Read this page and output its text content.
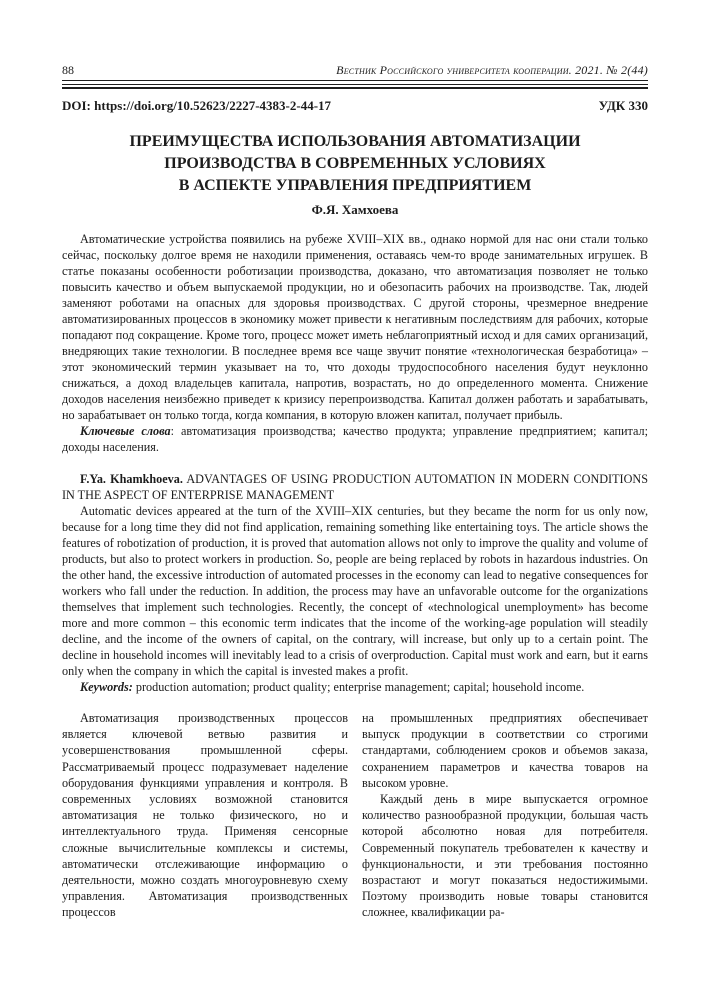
88	Вестник Российского университета кооперации. 2021. № 2(44)
DOI: https://doi.org/10.52623/2227-4383-2-44-17	УДК 330
ПРЕИМУЩЕСТВА ИСПОЛЬЗОВАНИЯ АВТОМАТИЗАЦИИ
ПРОИЗВОДСТВА В СОВРЕМЕННЫХ УСЛОВИЯХ
В АСПЕКТЕ УПРАВЛЕНИЯ ПРЕДПРИЯТИЕМ
Ф.Я. Хамхоева

Автоматические устройства появились на рубеже XVIII–XIX вв., однако нормой для нас они стали только сейчас, поскольку долгое время не находили применения, оставаясь чем-то вроде занимательных игрушек. В статье показаны особенности роботизации производства, доказано, что автоматизация позволяет не только повысить качество и объем выпускаемой продукции, но и обезопасить рабочих на производстве. Так, людей заменяют роботами на опасных для здоровья производствах. С другой стороны, чрезмерное внедрение автоматизированных процессов в экономику может привести к негативным последствиям для рабочих, которые попадают под сокращение. Кроме того, процесс может иметь неблагоприятный исход и для самих организаций, внедряющих такие технологии. В последнее время все чаще звучит понятие «технологическая безработица» – этот экономический термин указывает на то, что доходы трудоспособного населения будут неуклонно снижаться, а доход владельцев капитала, напротив, возрастать, но до определенного момента. Снижение доходов населения неизбежно приведет к кризису перепроизводства. Капитал должен работать и зарабатывать, но зарабатывает он только тогда, когда компания, в которую вложен капитал, получает прибыль.

Ключевые слова: автоматизация производства; качество продукта; управление предприятием; капитал; доходы населения.

F.Ya. Khamkhoeva. ADVANTAGES OF USING PRODUCTION AUTOMATION IN MODERN CONDITIONS IN THE ASPECT OF ENTERPRISE MANAGEMENT

Automatic devices appeared at the turn of the XVIII–XIX centuries, but they became the norm for us only now, because for a long time they did not find application, remaining something like entertaining toys. The article shows the features of robotization of production, it is proved that automation allows not only to improve the quality and volume of products, but also to protect workers in production. So, people are being replaced by robots in hazardous industries. On the other hand, the excessive introduction of automated processes in the economy can lead to negative consequences for workers who fall under the reduction. In addition, the process may have an unfavorable outcome for the organizations themselves that implement such technologies. Recently, the concept of «technological unemployment» has become more and more common – this economic term indicates that the income of the working-age population will steadily decline, and the income of the owners of capital, on the contrary, will increase, but only up to a certain point. The decline in household incomes will inevitably lead to a crisis of overproduction. Capital must work and earn, but it earns only when the company in which the capital is invested makes a profit.

Keywords: production automation; product quality; enterprise management; capital; household income.

Автоматизация производственных процессов является ключевой ветвью развития и усовершенствования промышленной сферы. Рассматриваемый процесс подразумевает наделение оборудования функциями управления и контроля. В современных условиях возможной становится автоматизация не только физического, но и интеллектуального труда. Применяя сенсорные сложные вычислительные комплексы и системы, автоматически отслеживающие информацию о деятельности, можно создать многоуровневую схему управления. Автоматизация производственных процессов

на промышленных предприятиях обеспечивает выпуск продукции в соответствии со строгими стандартами, соблюдением сроков и объемов заказа, сохранением параметров и качества товаров на высоком уровне.

Каждый день в мире выпускается огромное количество разнообразной продукции, большая часть которой абсолютно новая для потребителя. Современный покупатель требователен к качеству и функциональности, и эти требования постоянно возрастают и могут показаться недостижимыми. Поэтому производить новые товары становится сложнее, квалификации ра-
